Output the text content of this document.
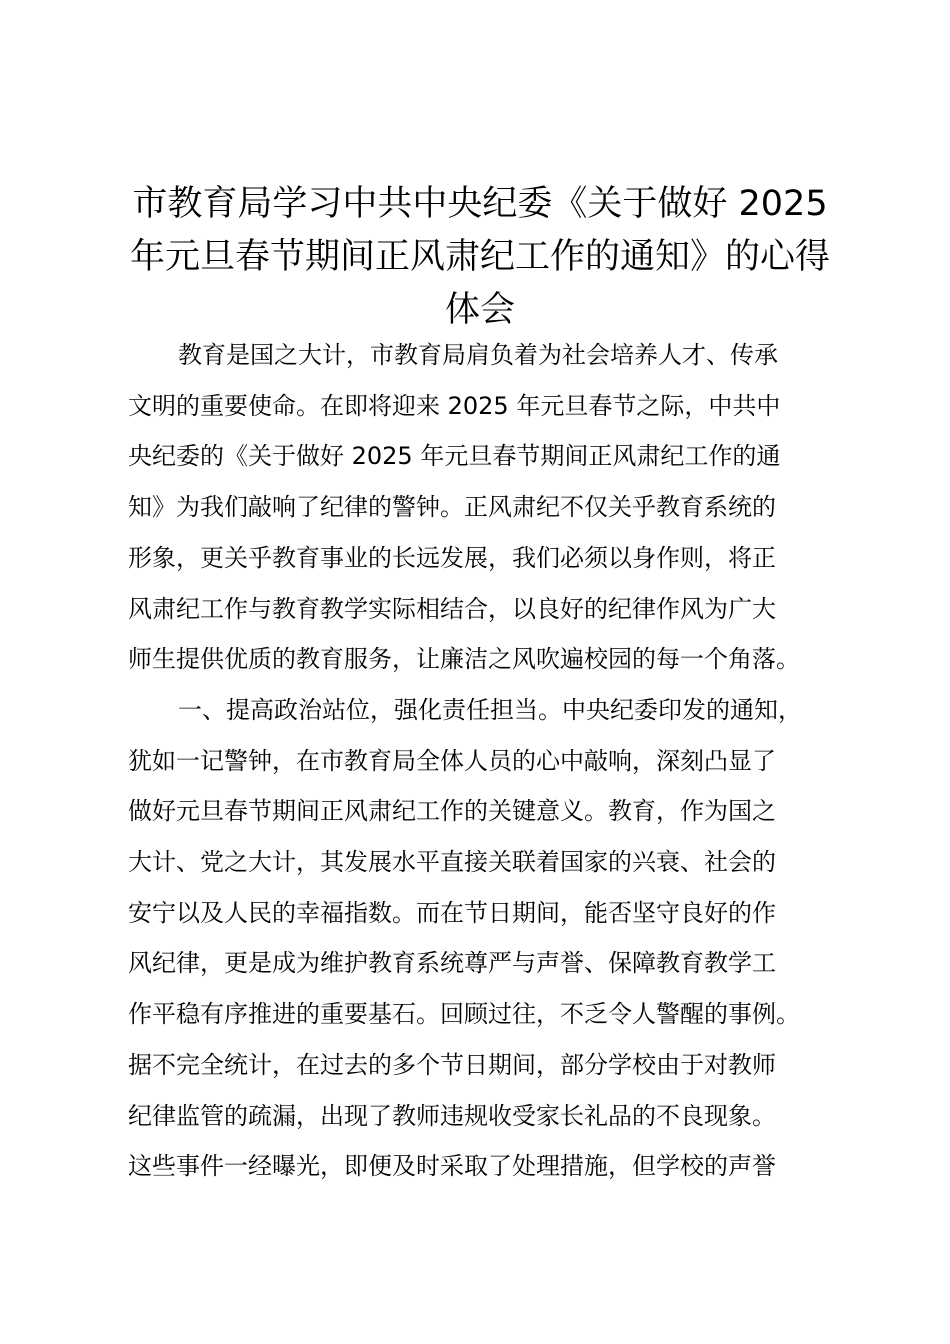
市教育局学习中共中央纪委《关于做好 2025
年元旦春节期间正风肃纪工作的通知》的心得
体会

教育是国之大计，市教育局肩负着为社会培养人才、传承
文明的重要使命。在即将迎来 2025 年元旦春节之际，中共中
央纪委的《关于做好 2025 年元旦春节期间正风肃纪工作的通
知》为我们敲响了纪律的警钟。正风肃纪不仅关乎教育系统的
形象，更关乎教育事业的长远发展，我们必须以身作则，将正
风肃纪工作与教育教学实际相结合，以良好的纪律作风为广大
师生提供优质的教育服务，让廉洁之风吹遍校园的每一个角落。

一、提高政治站位，强化责任担当。中央纪委印发的通知，
犹如一记警钟，在市教育局全体人员的心中敲响，深刻凸显了
做好元旦春节期间正风肃纪工作的关键意义。教育，作为国之
大计、党之大计，其发展水平直接关联着国家的兴衰、社会的
安宁以及人民的幸福指数。而在节日期间，能否坚守良好的作
风纪律，更是成为维护教育系统尊严与声誉、保障教育教学工
作平稳有序推进的重要基石。回顾过往，不乏令人警醒的事例。
据不完全统计，在过去的多个节日期间，部分学校由于对教师
纪律监管的疏漏，出现了教师违规收受家长礼品的不良现象。
这些事件一经曝光，即便及时采取了处理措施，但学校的声誉
